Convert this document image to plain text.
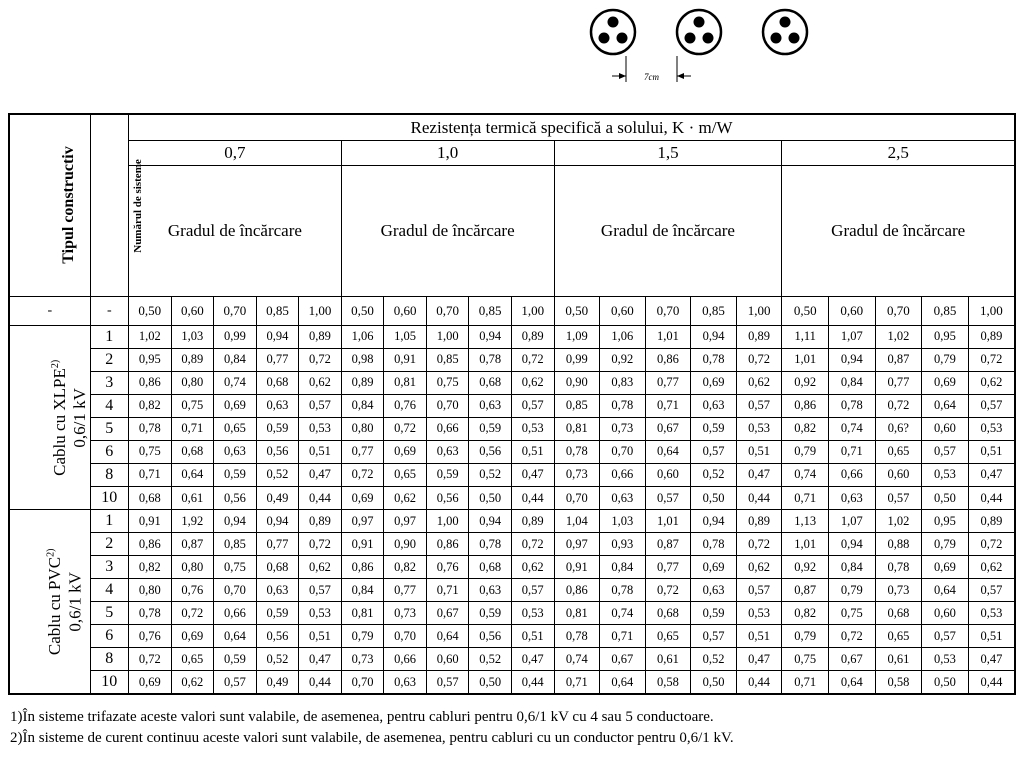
7cm
Tipul constructiv	Numărul de sisteme	Rezistența termică specifică a solului, K · m/W																			
		0,7					1,0					1,5					2,5				
		Gradul de încărcare					Gradul de încărcare					Gradul de încărcare					Gradul de încărcare				
-	-	0,50	0,60	0,70	0,85	1,00	0,50	0,60	0,70	0,85	1,00	0,50	0,60	0,70	0,85	1,00	0,50	0,60	0,70	0,85	1,00

Cablu cu XLPE$^{2)}$
0,6/1 kV	1	1,02	1,03	0,99	0,94	0,89	1,06	1,05	1,00	0,94	0,89	1,09	1,06	1,01	0,94	0,89	1,11	1,07	1,02	0,95	0,89
	2	0,95	0,89	0,84	0,77	0,72	0,98	0,91	0,85	0,78	0,72	0,99	0,92	0,86	0,78	0,72	1,01	0,94	0,87	0,79	0,72
	3	0,86	0,80	0,74	0,68	0,62	0,89	0,81	0,75	0,68	0,62	0,90	0,83	0,77	0,69	0,62	0,92	0,84	0,77	0,69	0,62
	4	0,82	0,75	0,69	0,63	0,57	0,84	0,76	0,70	0,63	0,57	0,85	0,78	0,71	0,63	0,57	0,86	0,78	0,72	0,64	0,57
	5	0,78	0,71	0,65	0,59	0,53	0,80	0,72	0,66	0,59	0,53	0,81	0,73	0,67	0,59	0,53	0,82	0,74	0,6?	0,60	0,53
	6	0,75	0,68	0,63	0,56	0,51	0,77	0,69	0,63	0,56	0,51	0,78	0,70	0,64	0,57	0,51	0,79	0,71	0,65	0,57	0,51
	8	0,71	0,64	0,59	0,52	0,47	0,72	0,65	0,59	0,52	0,47	0,73	0,66	0,60	0,52	0,47	0,74	0,66	0,60	0,53	0,47
	10	0,68	0,61	0,56	0,49	0,44	0,69	0,62	0,56	0,50	0,44	0,70	0,63	0,57	0,50	0,44	0,71	0,63	0,57	0,50	0,44

Cablu cu PVC$^{2)}$
0,6/1 kV	1	0,91	1,92	0,94	0,94	0,89	0,97	0,97	1,00	0,94	0,89	1,04	1,03	1,01	0,94	0,89	1,13	1,07	1,02	0,95	0,89
	2	0,86	0,87	0,85	0,77	0,72	0,91	0,90	0,86	0,78	0,72	0,97	0,93	0,87	0,78	0,72	1,01	0,94	0,88	0,79	0,72
	3	0,82	0,80	0,75	0,68	0,62	0,86	0,82	0,76	0,68	0,62	0,91	0,84	0,77	0,69	0,62	0,92	0,84	0,78	0,69	0,62
	4	0,80	0,76	0,70	0,63	0,57	0,84	0,77	0,71	0,63	0,57	0,86	0,78	0,72	0,63	0,57	0,87	0,79	0,73	0,64	0,57
	5	0,78	0,72	0,66	0,59	0,53	0,81	0,73	0,67	0,59	0,53	0,81	0,74	0,68	0,59	0,53	0,82	0,75	0,68	0,60	0,53
	6	0,76	0,69	0,64	0,56	0,51	0,79	0,70	0,64	0,56	0,51	0,78	0,71	0,65	0,57	0,51	0,79	0,72	0,65	0,57	0,51
	8	0,72	0,65	0,59	0,52	0,47	0,73	0,66	0,60	0,52	0,47	0,74	0,67	0,61	0,52	0,47	0,75	0,67	0,61	0,53	0,47
	10	0,69	0,62	0,57	0,49	0,44	0,70	0,63	0,57	0,50	0,44	0,71	0,64	0,58	0,50	0,44	0,71	0,64	0,58	0,50	0,44
1)În sisteme trifazate aceste valori sunt valabile, de asemenea, pentru cabluri pentru 0,6/1 kV cu 4 sau 5 conductoare.
2)În sisteme de curent continuu aceste valori sunt valabile, de asemenea, pentru cabluri cu un conductor pentru 0,6/1 kV.
